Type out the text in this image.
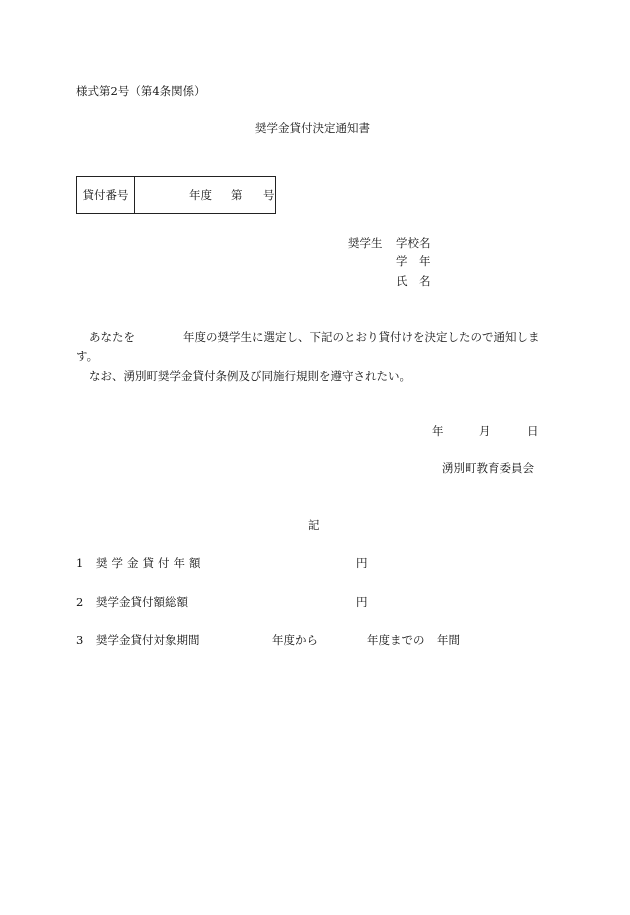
様式第2号（第4条関係）
奨学金貸付決定通知書
貸付番号	年度 第 号
奨学生 学校名
学　年
氏　名
あなたを	年度の奨学生に選定し、下記のとおり貸付けを決定したので通知しま
す。
なお、湧別町奨学金貸付条例及び同施行規則を遵守されたい。
年	月	日
湧別町教育委員会
記
1 奨学金貸付年額	円
2 奨学金貸付額総額	円
3 奨学金貸付対象期間	年度から	年度までの 年間
